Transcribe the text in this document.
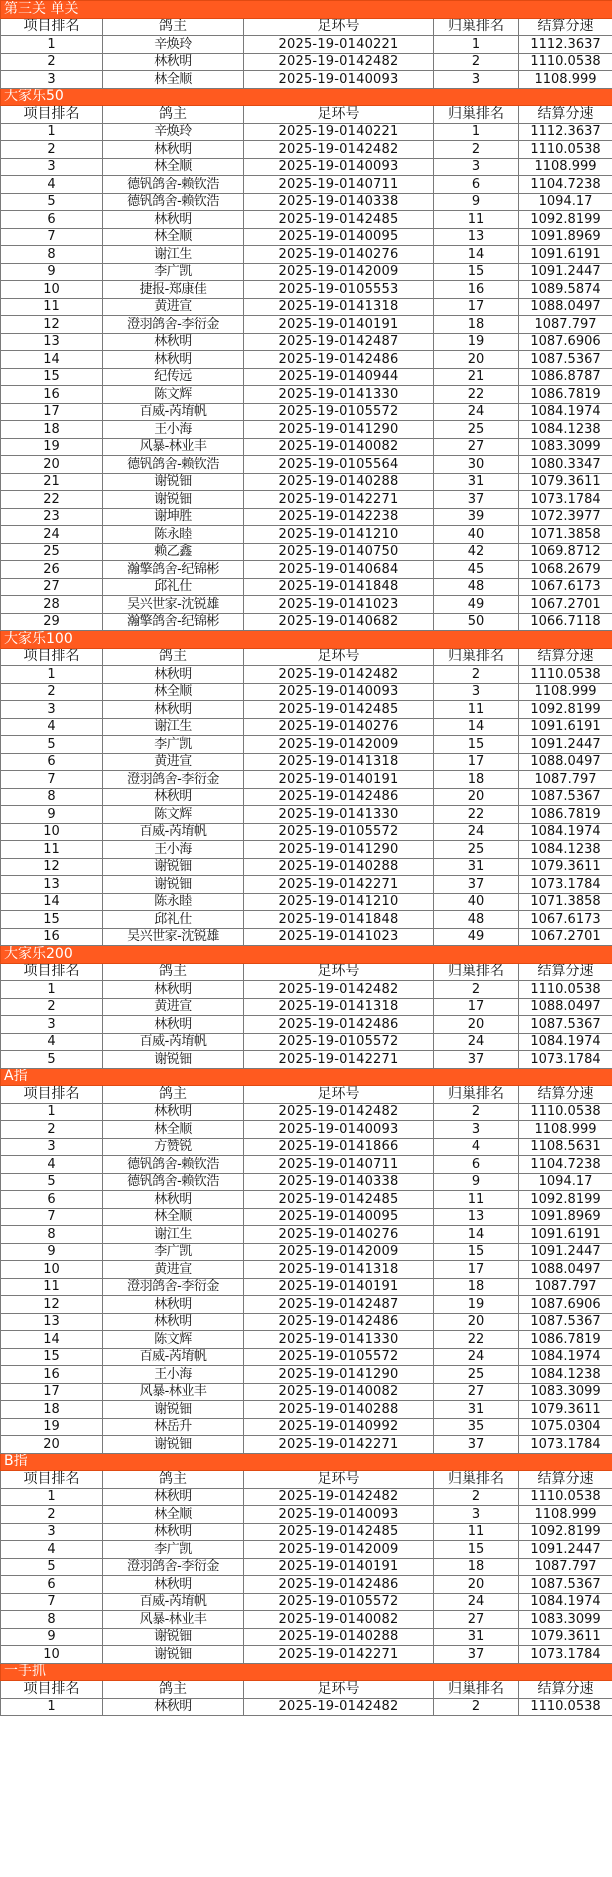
第三关 单关				
项目排名	鸽主	足环号	归巢排名	结算分速
1	辛焕玲	2025-19-0140221	1	1112.3637
2	林秋明	2025-19-0142482	2	1110.0538
3	林全顺	2025-19-0140093	3	1108.999
大家乐50				
项目排名	鸽主	足环号	归巢排名	结算分速
1	辛焕玲	2025-19-0140221	1	1112.3637
2	林秋明	2025-19-0142482	2	1110.0538
3	林全顺	2025-19-0140093	3	1108.999
4	德钒鸽舍-赖钦浩	2025-19-0140711	6	1104.7238
5	德钒鸽舍-赖钦浩	2025-19-0140338	9	1094.17
6	林秋明	2025-19-0142485	11	1092.8199
7	林全顺	2025-19-0140095	13	1091.8969
8	谢江生	2025-19-0140276	14	1091.6191
9	李广凯	2025-19-0142009	15	1091.2447
10	捷报-郑康佳	2025-19-0105553	16	1089.5874
11	黄进宣	2025-19-0141318	17	1088.0497
12	澄羽鸽舍-李衍金	2025-19-0140191	18	1087.797
13	林秋明	2025-19-0142487	19	1087.6906
14	林秋明	2025-19-0142486	20	1087.5367
15	纪传远	2025-19-0140944	21	1086.8787
16	陈文辉	2025-19-0141330	22	1086.7819
17	百威-芮堉帆	2025-19-0105572	24	1084.1974
18	王小海	2025-19-0141290	25	1084.1238
19	风暴-林业丰	2025-19-0140082	27	1083.3099
20	德钒鸽舍-赖钦浩	2025-19-0105564	30	1080.3347
21	谢锐钿	2025-19-0140288	31	1079.3611
22	谢锐钿	2025-19-0142271	37	1073.1784
23	谢坤胜	2025-19-0142238	39	1072.3977
24	陈永睦	2025-19-0141210	40	1071.3858
25	赖乙鑫	2025-19-0140750	42	1069.8712
26	瀚擎鸽舍-纪锦彬	2025-19-0140684	45	1068.2679
27	邱礼仕	2025-19-0141848	48	1067.6173
28	吴兴世家-沈锐雄	2025-19-0141023	49	1067.2701
29	瀚擎鸽舍-纪锦彬	2025-19-0140682	50	1066.7118
大家乐100				
项目排名	鸽主	足环号	归巢排名	结算分速
1	林秋明	2025-19-0142482	2	1110.0538
2	林全顺	2025-19-0140093	3	1108.999
3	林秋明	2025-19-0142485	11	1092.8199
4	谢江生	2025-19-0140276	14	1091.6191
5	李广凯	2025-19-0142009	15	1091.2447
6	黄进宣	2025-19-0141318	17	1088.0497
7	澄羽鸽舍-李衍金	2025-19-0140191	18	1087.797
8	林秋明	2025-19-0142486	20	1087.5367
9	陈文辉	2025-19-0141330	22	1086.7819
10	百威-芮堉帆	2025-19-0105572	24	1084.1974
11	王小海	2025-19-0141290	25	1084.1238
12	谢锐钿	2025-19-0140288	31	1079.3611
13	谢锐钿	2025-19-0142271	37	1073.1784
14	陈永睦	2025-19-0141210	40	1071.3858
15	邱礼仕	2025-19-0141848	48	1067.6173
16	吴兴世家-沈锐雄	2025-19-0141023	49	1067.2701
大家乐200				
项目排名	鸽主	足环号	归巢排名	结算分速
1	林秋明	2025-19-0142482	2	1110.0538
2	黄进宣	2025-19-0141318	17	1088.0497
3	林秋明	2025-19-0142486	20	1087.5367
4	百威-芮堉帆	2025-19-0105572	24	1084.1974
5	谢锐钿	2025-19-0142271	37	1073.1784
A指				
项目排名	鸽主	足环号	归巢排名	结算分速
1	林秋明	2025-19-0142482	2	1110.0538
2	林全顺	2025-19-0140093	3	1108.999
3	方赞锐	2025-19-0141866	4	1108.5631
4	德钒鸽舍-赖钦浩	2025-19-0140711	6	1104.7238
5	德钒鸽舍-赖钦浩	2025-19-0140338	9	1094.17
6	林秋明	2025-19-0142485	11	1092.8199
7	林全顺	2025-19-0140095	13	1091.8969
8	谢江生	2025-19-0140276	14	1091.6191
9	李广凯	2025-19-0142009	15	1091.2447
10	黄进宣	2025-19-0141318	17	1088.0497
11	澄羽鸽舍-李衍金	2025-19-0140191	18	1087.797
12	林秋明	2025-19-0142487	19	1087.6906
13	林秋明	2025-19-0142486	20	1087.5367
14	陈文辉	2025-19-0141330	22	1086.7819
15	百威-芮堉帆	2025-19-0105572	24	1084.1974
16	王小海	2025-19-0141290	25	1084.1238
17	风暴-林业丰	2025-19-0140082	27	1083.3099
18	谢锐钿	2025-19-0140288	31	1079.3611
19	林岳升	2025-19-0140992	35	1075.0304
20	谢锐钿	2025-19-0142271	37	1073.1784
B指				
项目排名	鸽主	足环号	归巢排名	结算分速
1	林秋明	2025-19-0142482	2	1110.0538
2	林全顺	2025-19-0140093	3	1108.999
3	林秋明	2025-19-0142485	11	1092.8199
4	李广凯	2025-19-0142009	15	1091.2447
5	澄羽鸽舍-李衍金	2025-19-0140191	18	1087.797
6	林秋明	2025-19-0142486	20	1087.5367
7	百威-芮堉帆	2025-19-0105572	24	1084.1974
8	风暴-林业丰	2025-19-0140082	27	1083.3099
9	谢锐钿	2025-19-0140288	31	1079.3611
10	谢锐钿	2025-19-0142271	37	1073.1784
一手抓				
项目排名	鸽主	足环号	归巢排名	结算分速
1	林秋明	2025-19-0142482	2	1110.0538
